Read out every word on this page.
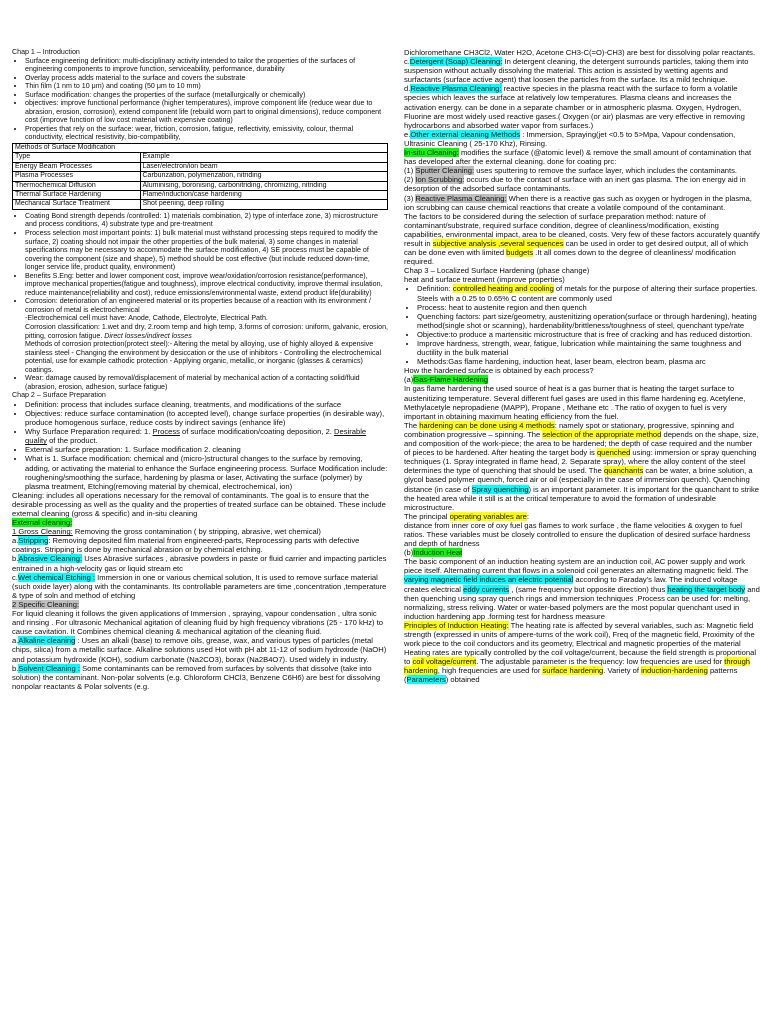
Chap 1 – Introduction

• Surface engineering definition: multi-disciplinary activity intended to tailor the properties of the surfaces of engineering components to improve function, serviceability, performance, durability
• Overlay process adds material to the surface and covers the substrate
• Thin film (1 nm to 10 μm) and coating (50 μm to 10 mm)
• Surface modification: changes the properties of the surface (metallurgically or chemically)
• objectives: improve functional performance (higher temperatures), improve component life (reduce wear due to abrasion, erosion, corrosion), extend component life (rebuild worn part to original dimensions), reduce component cost (improve function of low cost material with expensive coating)
• Properties that rely on the surface: wear, friction, corrosion, fatigue, reflectivity, emissivity, colour, thermal conductivity, electrical resistivity, bio-compatibility,
Methods of Surface Modification	
Type	Example
Energy Beam Processes	Laser/electron/ion beam
Plasma Processes	Carburization, polymerization, nitriding
Thermochemical Diffusion	Aluminising, boronising, carbonitriding, chromizing, nitriding
Thermal Surface Hardening	Flame/induction/case hardening
Mechanical Surface Treatment	Shot peening, deep rolling
• Coating Bond strength depends /controlled: 1) materials combination, 2) type of interface zone, 3) microstructure and process conditions, 4) substrate type and pre-treatment
• Process selection most important points: 1) bulk material must withstand processing steps required to modify the surface, 2) coating should not impair the other properties of the bulk material, 3) some changes in material specifications may be necessary to accommodate the surface modification, 4) SE process must be capable of covering the component (size and shape), 5) method should be cost effective (but include reduced down-time, longer service life, product quality, environment)
• Benefits S.Eng: better and lower component cost, improve wear/oxidation/corrosion resistance(performance), improve mechanical properties(fatigue and toughness), improve electrical conductivity, improve thermal insulation, reduce maintenance(reliability and cost), reduce emissions/environmental waste, extend product life(durability)
• Corrosion: deterioration of an engineered material or its properties because of a reaction with its environment / corrosion of metal is electrochemical
-Electrochemical cell must have: Anode, Cathode, Electrolyte, Electrical Path.
Corrosion classification: 1.wet and dry, 2.room temp and high temp, 3.forms of corrosion: uniform, galvanic, erosion, pitting, corrosion fatigue. Direct losses/indirect losses
Methods of corrosion protection(protect steel):- Altering the metal by alloying, use of highly alloyed & expensive stainless steel - Changing the environment by desiccation or the use of inhibitors - Controlling the electrochemical potential, use for example cathodic protection - Applying organic, metallic, or inorganic (glasses & ceramics) coatings.
• Wear: damage caused by removal/displacement of material by mechanical action of a contacting solid/fluid (abrasion, erosion, adhesion, surface fatigue)

Chap 2 – Surface Preparation

• Definition: process that includes surface cleaning, treatments, and modifications of the surface
• Objectives: reduce surface contamination (to accepted level), change surface properties (in desirable way), produce homogenous surface, reduce costs by indirect savings (enhance life)
• Why Surface Preparation required: 1. Process of surface modification/coating deposition, 2. Desirable quality of the product.
• External surface preparation: 1. Surface modification 2. cleaning
• What is 1. Surface modification: chemical and (micro-)structural changes to the surface by removing, adding, or activating the material to enhance the Surface engineering process. Surface Modification include: roughening/smoothing the surface, hardening by plasma or laser, Activating the surface (polymer) by plasma treatment, Etching(removing material by chemical, electrochemical, ion)

Cleaning: includes all operations necessary for the removal of contaminants. The goal is to ensure that the desirable processing as well as the quality and the properties of treated surface can be obtained. These include external cleaning (gross & specific) and in-situ cleaning

External cleaning:

1 Gross Cleaning: Removing the gross contamination ( by stripping, abrasive, wet chemical)

a.Stripping: Removing deposited film material from engineered-parts, Reprocessing parts with defective coatings. Stripping is done by mechanical abrasion or by chemical etching.

b.Abrasive Cleaning: Uses Abrasive surfaces , abrasive powders in paste or fluid carrier and impacting particles entrained in a high-velocity gas or liquid stream etc

c.Wet chemical Etching : Immersion in one or various chemical solution, It is used to remove surface material (such oxide layer) along with the contaminants. Its controllable parameters are time ,concentration ,temperature & type of soln and method of etching

2 Specific Cleaning:

For liquid cleaning it follows the given applications of Immersion , spraying, vapour condensation , ultra sonic and rinsing . For ultrasonic Mechanical agitation of cleaning fluid by high frequency vibrations (25 - 170 kHz) to cause cavitation. It Combines chemical cleaning & mechanical agitation of the cleaning fluid.

a.Alkaline cleaning : Uses an alkali (base) to remove oils, grease, wax, and various types of particles (metal chips, silica) from a metallic surface. Alkaline solutions used Hot with pH abt 11-12 of sodium hydroxide (NaOH) and potassium hydroxide (KOH), sodium carbonate (Na2CO3), borax (Na2B4O7). Used widely in industry.

b.Solvent Cleaning : Some contaminants can be removed from surfaces by solvents that dissolve (take into solution) the contaminant. Non-polar solvents (e.g. Chloroform CHCl3, Benzene C6H6) are best for dissolving nonpolar reactants & Polar solvents (e.g.

Dichloromethane CH3Cl2, Water H2O, Acetone CH3-C(=O)-CH3) are best for dissolving polar reactants.

c.Detergent (Soap) Cleaning: In detergent cleaning, the detergent surrounds particles, taking them into suspension without actually dissolving the material. This action is assisted by wetting agents and surfactants (surface active agent) that loosen the particles from the surface. Its a mild technique.

d.Reactive Plasma Cleaning: reactive species in the plasma react with the surface to form a volatile species which leaves the surface at relatively low temperatures. Plasma cleans and increases the activation energy. can be done in a separate chamber or in atmospheric plasma. Oxygen, Hydrogen, Fluorine are most widely used reactive gases.( Oxygen (or air) plasmas are very effective in removing hydrocarbons and absorbed water vapor from surfaces.)

e.Other external cleaning Methods : Immersion, Spraying(jet <0.5 to 5>Mpa, Vapour condensation, Ultrasinic Cleaning ( 25-170 Khz), Rinsing.

In-situ Cleaning: modifies the surface (@atomic level) & remove the small amount of contamination that has developed after the external cleaning. done for coating prc:

(1) Sputter Cleaning: uses sputtering to remove the surface layer, which includes the contaminants.

(2) Ion Scrubbing: occurs due to the contact of surface with an inert gas plasma. The ion energy aid in desorption of the adsorbed surface contaminants.

(3) Reactive Plasma Cleaning: When there is a reactive gas such as oxygen or hydrogen in the plasma, ion scrubbing can cause chemical reactions that create a volatile compound of the contaminant.

The factors to be considered during the selection of surface preparation method: nature of contaminant/substrate, required surface condition, degree of cleanliness/modification, existing capabilities, environmental impact, area to be cleaned, costs. Very few of these factors accurately quantify result in subjective analysis ,several sequences can be used in order to get desired output, all of which can be done even with limited budgets .It all comes down to the degree of cleanliness/ modification required.

Chap 3 – Localized Surface Hardening (phase change)

heat and surface treatment (improve properties)

• Definition: controlled heating and cooling of metals for the purpose of altering their surface properties. Steels with a 0.25 to 0.65% C content are commonly used
• Process: heat to austenite region and then quench
• Quenching factors: part size/geometry, austenitizing operation(surface or through hardening), heating method(single shot or scanning), hardenability/brittleness/toughness of steel, quenchant type/rate
• Objective:to produce a martensitic microstructure that is free of cracking and has reduced distortion.
• Improve hardness, strength, wear, fatigue, lubrication while maintaining the same toughness and ductility in the bulk material
• Methods:Gas flame hardening, induction heat, laser beam, electron beam, plasma arc

How the hardened surface is obtained by each process?

(a)Gas-Flame Hardening

In gas flame hardening the used source of heat is a gas burner that is heating the target surface to austenitizing temperature. Several different fuel gases are used in this flame hardening eg. Acetylene, Methylacetyle nepropadiene (MAPP), Propane , Methane etc . The ratio of oxygen to fuel is very important in obtaining maximum heating efficiency from the fuel.

The hardening can be done using 4 methods: namely spot or stationary, progressive, spinning and combination progressive – spinning. The selection of the appropriate method depends on the shape, size, and composition of the work-piece; the area to be hardened; the depth of case required and the number of pieces to be hardened. After heating the target body is quenched using: immersion or spray quenching techniques (1. Spray integrated in flame head, 2. Separate spray), where the alloy content of the steel determines the type of quenching that should be used. The quanchants can be water, a brine solution, a glycol based polymer quench, forced air or oil (especially in the case of immersion quench). Quenching distance (in case of Spray quenching) is an important parameter. It is important for the quanchant to strike the heated area while it still is at the critical temperature to avoid the formation of undesirable microstructure.

The principal operating variables are:

distance from inner core of oxy fuel gas flames to work surface , the flame velocities & oxygen to fuel ratios. These variables must be closely controlled to ensure the duplication of desired surface hardness and depth of hardness

(b)Induction Heat

The basic component of an induction heating system are an induction coil, AC power supply and work piece itself. Alternating current that flows in a solenoid coil generates an alternating magnetic field. The varying magnetic field induces an electric potential according to Faraday's law. The induced voltage creates electrical eddy currents , (same frequency but opposite direction) thus heating the target body and then quenching using spray quench rings and immersion techniques .Process can be used for: melting, normalizing, stress reliving. Water or water-based polymers are the most popular quenchant used in induction hardening app .forming test for hardness measure

Principles of Induction Heating: The heating rate is affected by several variables, such as: Magnetic field strength (expressed in units of ampere-turns of the work coil), Freq of the magnetic field, Proximity of the work piece to the coil conductors and its geometry, Electrical and magnetic properties of the material

Heating rates are typically controlled by the coil voltage/current, because the field strength is proportional to coil voltage/current. The adjustable parameter is the frequency: low frequencies are used for through hardening, high frequencies are used for surface hardening. Variety of induction-hardening patterns (Parameters) obtained
